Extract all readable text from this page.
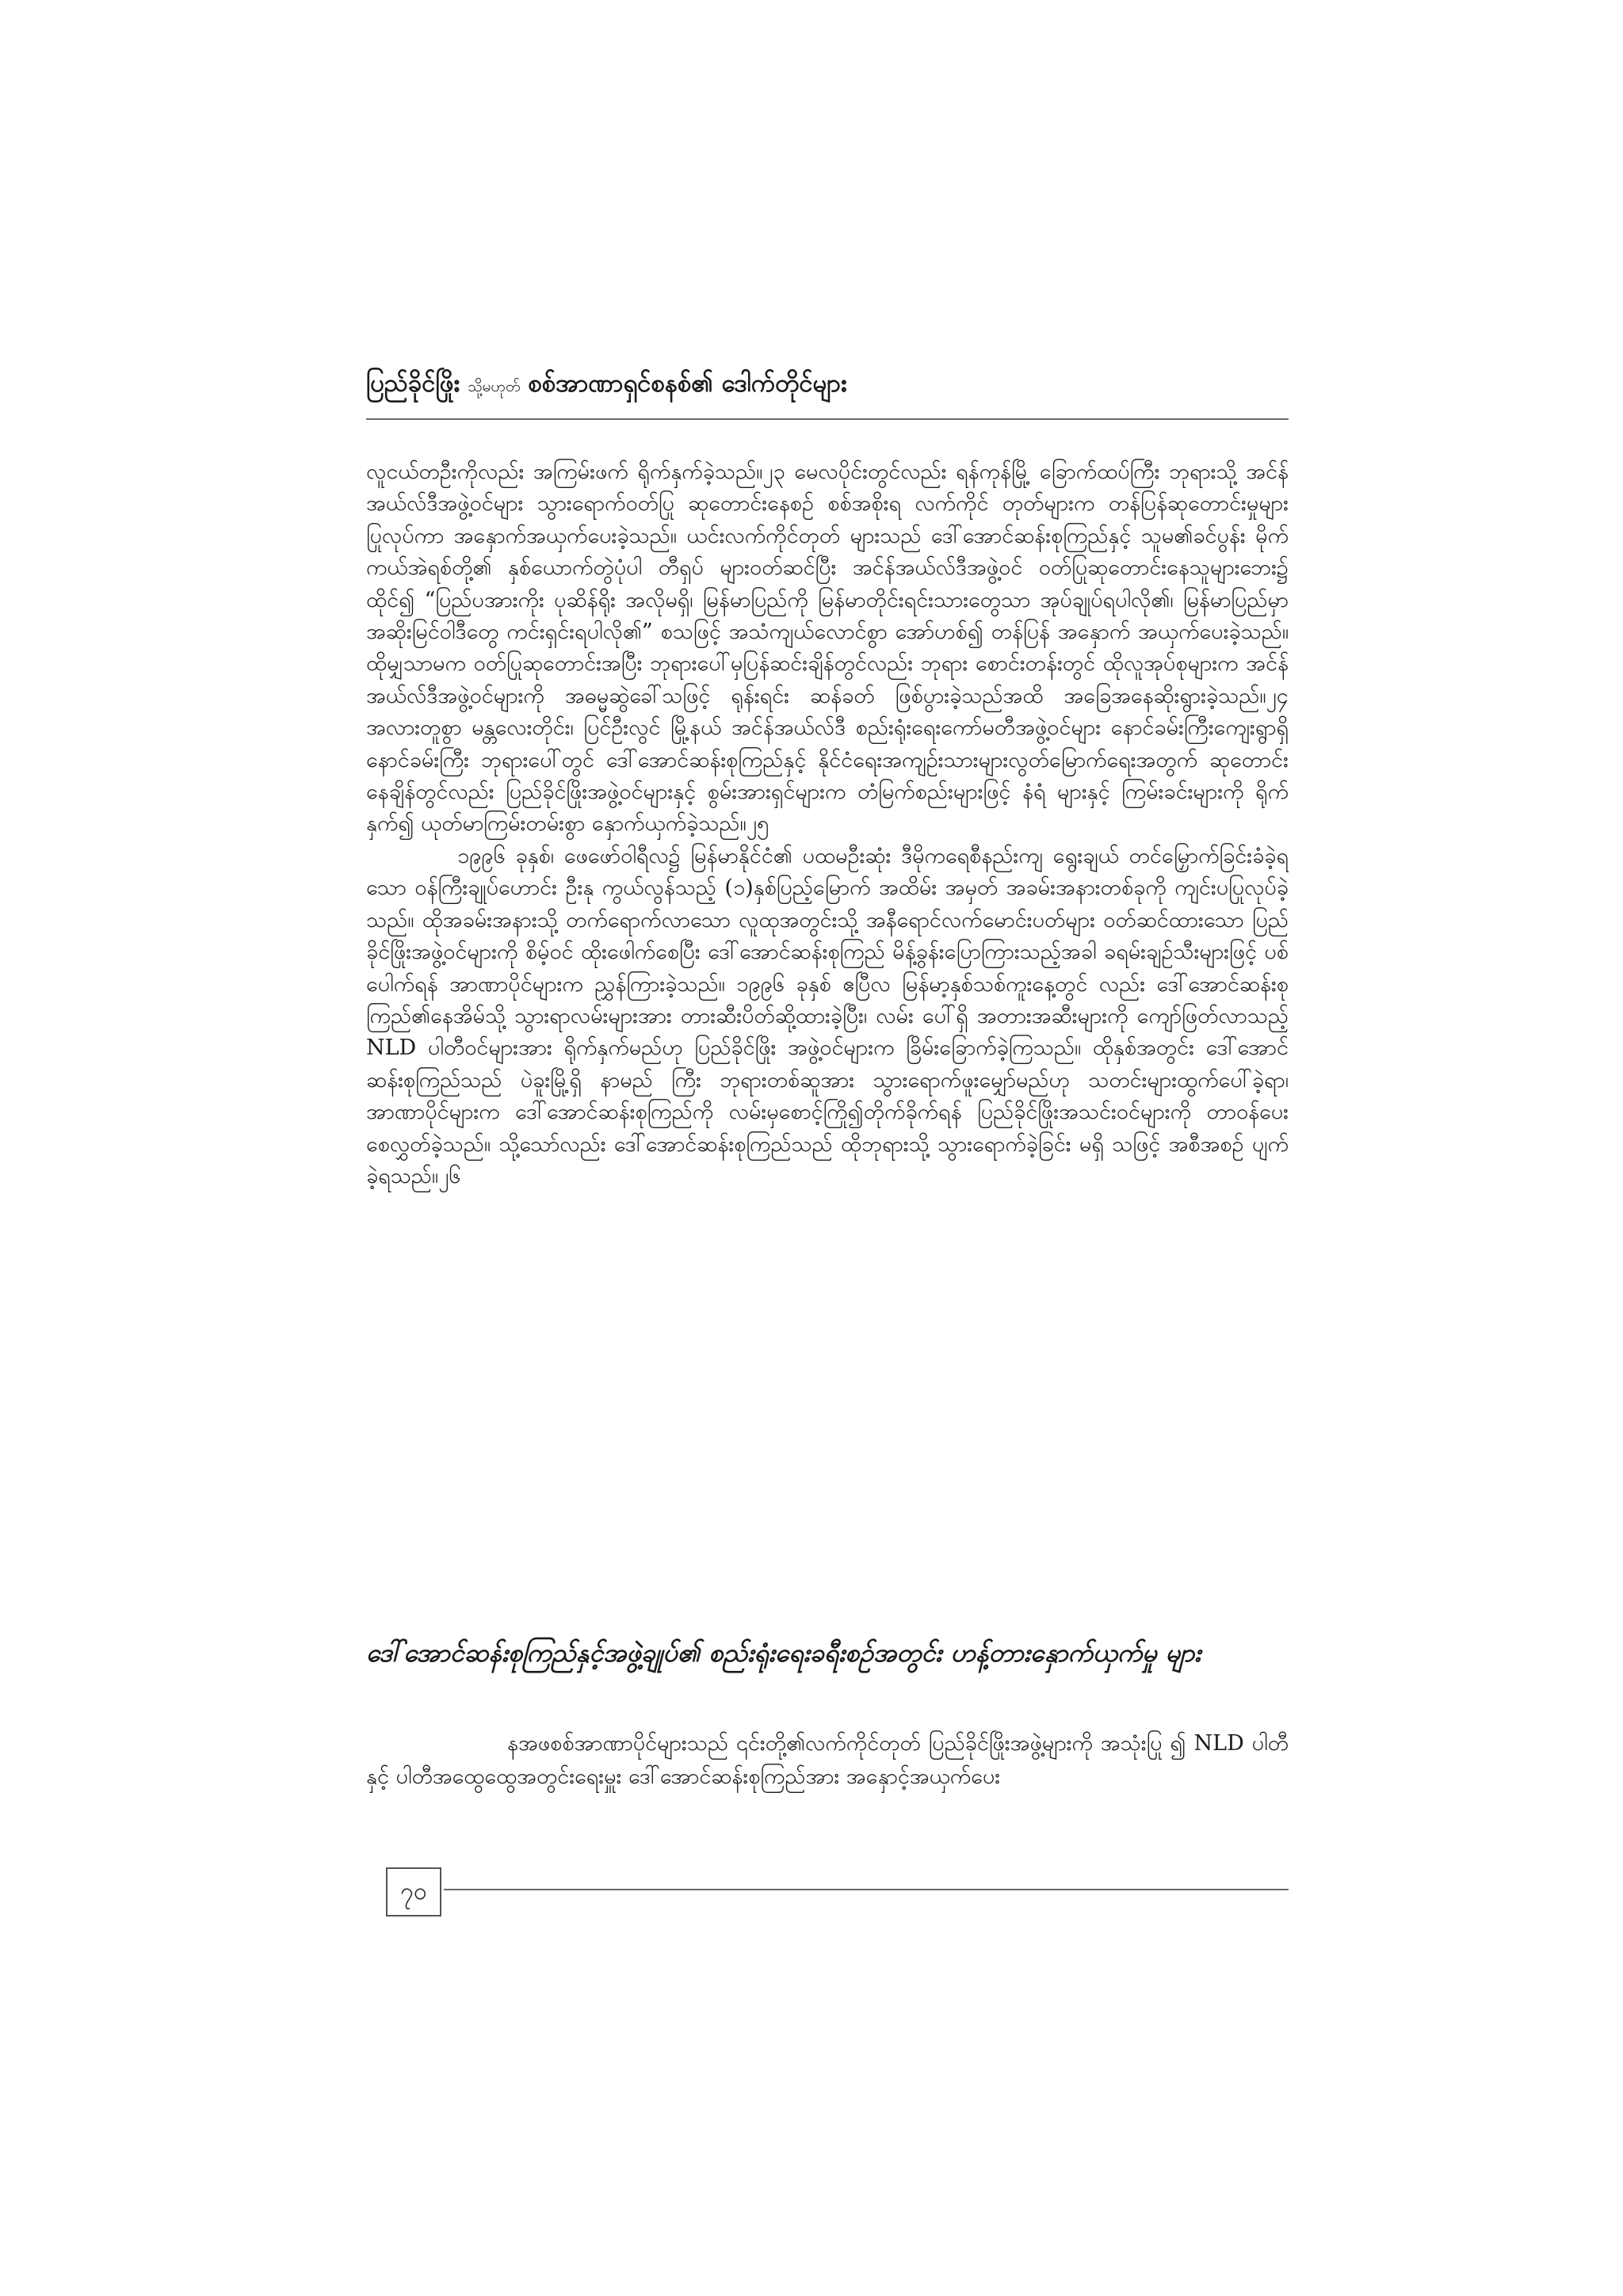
ပြည်ခိုင်ဖြိုး သို့မဟုတ် စစ်အာဏာရှင်စနစ်၏ ဒေါက်တိုင်များ

လူငယ်တဦးကိုလည်း အကြမ်းဖက် ရိုက်နှက်ခဲ့သည်။၂၃ မေလပိုင်းတွင်လည်း ရန်ကုန်မြို့ ခြောက်ထပ်ကြီး ဘုရားသို့ အင်န်အယ်လ်ဒီအဖွဲ့ဝင်များ သွားရောက်ဝတ်ပြု ဆုတောင်းနေစဉ် စစ်အစိုးရ လက်ကိုင် တုတ်များက တန်ပြန်ဆုတောင်းမှုများပြုလုပ်ကာ အနှောက်အယှက်ပေးခဲ့သည်။ ယင်းလက်ကိုင်တုတ် များသည် ဒေါ်အောင်ဆန်းစုကြည်နှင့် သူမ၏ခင်ပွန်း မိုက်ကယ်အဲရစ်တို့၏ နှစ်ယောက်တွဲပုံပါ တီရှပ် များဝတ်ဆင်ပြီး အင်န်အယ်လ်ဒီအဖွဲ့ဝင် ဝတ်ပြုဆုတောင်းနေသူများဘေး၌ ထိုင်၍ “ပြည်ပအားကိုး ပုဆိန်ရိုး အလိုမရှိ၊ မြန်မာပြည်ကို မြန်မာတိုင်းရင်းသားတွေသာ အုပ်ချုပ်ရပါလို၏၊ မြန်မာပြည်မှာ အဆိုးမြင်ဝါဒီတွေ ကင်းရှင်းရပါလို၏” စသဖြင့် အသံကျယ်လောင်စွာ အော်ဟစ်၍ တန်ပြန် အနှောက် အယှက်ပေးခဲ့သည်။ ထိုမျှသာမက ဝတ်ပြုဆုတောင်းအပြီး ဘုရားပေါ်မှပြန်ဆင်းချိန်တွင်လည်း ဘုရား စောင်းတန်းတွင် ထိုလူအုပ်စုများက အင်န်အယ်လ်ဒီအဖွဲ့ဝင်များကို အဓမ္မဆွဲခေါ်သဖြင့် ရုန်းရင်း ဆန်ခတ် ဖြစ်ပွားခဲ့သည်အထိ အခြေအနေဆိုးရွားခဲ့သည်။၂၄ အလားတူစွာ မန္တလေးတိုင်း၊ ပြင်ဦးလွင် မြို့နယ် အင်န်အယ်လ်ဒီ စည်းရုံးရေးကော်မတီအဖွဲ့ဝင်များ နောင်ခမ်းကြီးကျေးရွာရှိ နောင်ခမ်းကြီး ဘုရားပေါ်တွင် ဒေါ်အောင်ဆန်းစုကြည်နှင့် နိုင်ငံရေးအကျဉ်းသားများလွတ်မြောက်ရေးအတွက် ဆုတောင်းနေချိန်တွင်လည်း ပြည်ခိုင်ဖြိုးအဖွဲ့ဝင်များနှင့် စွမ်းအားရှင်များက တံမြက်စည်းများဖြင့် နံရံ များနှင့် ကြမ်းခင်းများကို ရိုက်နှက်၍ ယုတ်မာကြမ်းတမ်းစွာ နှောက်ယှက်ခဲ့သည်။၂၅

၁၉၉၆ ခုနှစ်၊ ဖေဖော်ဝါရီလ၌ မြန်မာနိုင်ငံ၏ ပထမဦးဆုံး ဒီမိုကရေစီနည်းကျ ရွေးချယ် တင်မြှောက်ခြင်းခံခဲ့ရသော ဝန်ကြီးချုပ်ဟောင်း ဦးနု ကွယ်လွန်သည့် (၁)နှစ်ပြည့်မြောက် အထိမ်း အမှတ် အခမ်းအနားတစ်ခုကို ကျင်းပပြုလုပ်ခဲ့သည်။ ထိုအခမ်းအနားသို့ တက်ရောက်လာသော လူထုအတွင်းသို့ အနီရောင်လက်မောင်းပတ်များ ဝတ်ဆင်ထားသော ပြည်ခိုင်ဖြိုးအဖွဲ့ဝင်များကို စိမ့်ဝင် ထိုးဖေါက်စေပြီး ဒေါ်အောင်ဆန်းစုကြည် မိန့်ခွန်းပြောကြားသည့်အခါ ခရမ်းချဉ်သီးများဖြင့် ပစ်ပေါက်ရန် အာဏာပိုင်များက ညွှန်ကြားခဲ့သည်။ ၁၉၉၆ ခုနှစ် ဧပြီလ မြန်မာ့နှစ်သစ်ကူးနေ့တွင် လည်း ဒေါ်အောင်ဆန်းစုကြည်၏နေအိမ်သို့ သွားရာလမ်းများအား တားဆီးပိတ်ဆို့ထားခဲ့ပြီး၊ လမ်း ပေါ်ရှိ အတားအဆီးများကို ကျော်ဖြတ်လာသည့် NLD ပါတီဝင်များအား ရိုက်နှက်မည်ဟု ပြည်ခိုင်ဖြိုး အဖွဲ့ဝင်များက ခြိမ်းခြောက်ခဲ့ကြသည်။ ထိုနှစ်အတွင်း ဒေါ်အောင်ဆန်းစုကြည်သည် ပဲခူးမြို့ရှိ နာမည် ကြီး ဘုရားတစ်ဆူအား သွားရောက်ဖူးမျှော်မည်ဟု သတင်းများထွက်ပေါ်ခဲ့ရာ၊ အာဏာပိုင်များက ဒေါ်အောင်ဆန်းစုကြည်ကို လမ်းမှစောင့်ကြို၍တိုက်ခိုက်ရန် ပြည်ခိုင်ဖြိုးအသင်းဝင်များကို တာဝန်ပေး စေလွှတ်ခဲ့သည်။ သို့သော်လည်း ဒေါ်အောင်ဆန်းစုကြည်သည် ထိုဘုရားသို့ သွားရောက်ခဲ့ခြင်း မရှိ သဖြင့် အစီအစဉ် ပျက်ခဲ့ရသည်။၂၆

ဒေါ်အောင်ဆန်းစုကြည်နှင့်အဖွဲ့ချုပ်၏ စည်းရုံးရေးခရီးစဉ်အတွင်း ဟန့်တားနှောက်ယှက်မှု များ
နအဖစစ်အာဏာပိုင်များသည် ၎င်းတို့၏လက်ကိုင်တုတ် ပြည်ခိုင်ဖြိုးအဖွဲ့များကို အသုံးပြု ၍ NLD ပါတီနှင့် ပါတီအထွေထွေအတွင်းရေးမှူး ဒေါ်အောင်ဆန်းစုကြည်အား အနှောင့်အယှက်ပေး
၇၀
